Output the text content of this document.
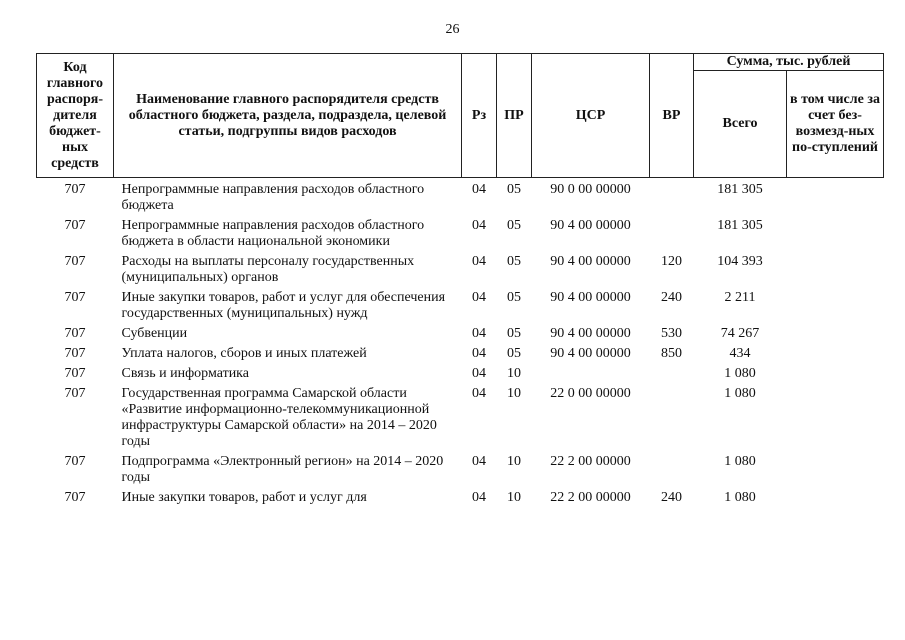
26
Код главного распоря-дителя бюджет-ных средств	Наименование главного распорядителя средств областного бюджета, раздела, подраздела, целевой статьи, подгруппы видов расходов	Рз	ПР	ЦСР	ВР	Сумма, тыс. рублей	
						Всего	в том числе за счет без-возмезд-ных по-ступлений
707	Непрограммные направления расходов областного бюджета	04	05	90 0 00 00000		181 305	
707	Непрограммные направления расходов областного бюджета в области национальной экономики	04	05	90 4 00 00000		181 305	
707	Расходы на выплаты персоналу государственных (муниципальных) органов	04	05	90 4 00 00000	120	104 393	
707	Иные закупки товаров, работ и услуг для обеспечения государственных (муниципальных) нужд	04	05	90 4 00 00000	240	2 211	
707	Субвенции	04	05	90 4 00 00000	530	74 267	
707	Уплата налогов, сборов и иных платежей	04	05	90 4 00 00000	850	434	
707	Связь и информатика	04	10			1 080	
707	Государственная программа Самарской области «Развитие информационно-телекоммуникационной инфраструктуры Самарской области» на 2014 – 2020 годы	04	10	22 0 00 00000		1 080	
707	Подпрограмма «Электронный регион» на 2014 – 2020 годы	04	10	22 2 00 00000		1 080	
707	Иные закупки товаров, работ и услуг для	04	10	22 2 00 00000	240	1 080	
